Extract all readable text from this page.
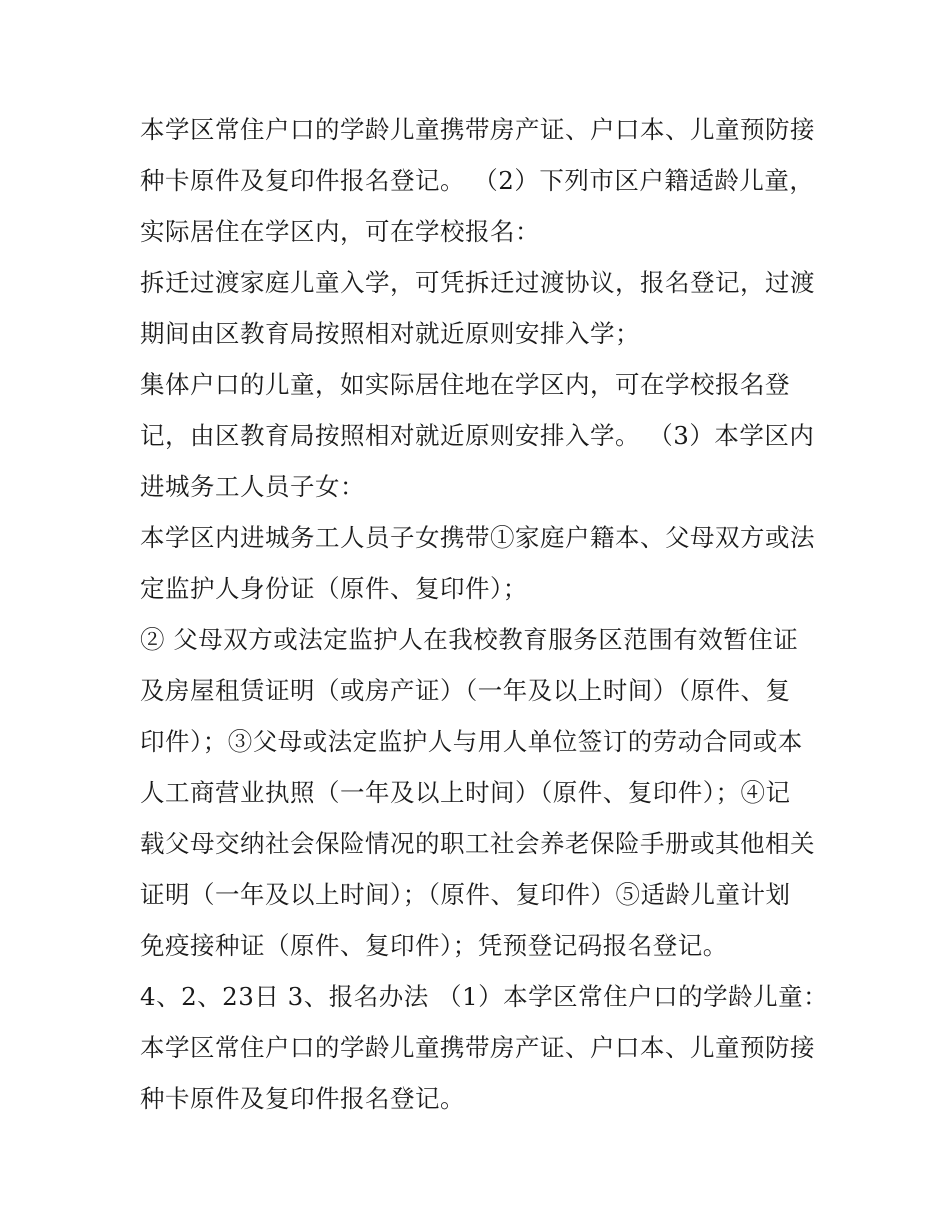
本学区常住户口的学龄儿童携带房产证、户口本、儿童预防接
种卡原件及复印件报名登记。 （2）下列市区户籍适龄儿童，
实际居住在学区内，可在学校报名：
拆迁过渡家庭儿童入学，可凭拆迁过渡协议，报名登记，过渡
期间由区教育局按照相对就近原则安排入学；
集体户口的儿童，如实际居住地在学区内，可在学校报名登
记，由区教育局按照相对就近原则安排入学。 （3）本学区内
进城务工人员子女：
本学区内进城务工人员子女携带①家庭户籍本、父母双方或法
定监护人身份证（原件、复印件）；
② 父母双方或法定监护人在我校教育服务区范围有效暂住证
及房屋租赁证明（或房产证）（一年及以上时间）（原件、复
印件）；③父母或法定监护人与用人单位签订的劳动合同或本
人工商营业执照（一年及以上时间）（原件、复印件）；④记
载父母交纳社会保险情况的职工社会养老保险手册或其他相关
证明（一年及以上时间）；（原件、复印件）⑤适龄儿童计划
免疫接种证（原件、复印件）；凭预登记码报名登记。
4、2、23日 3、报名办法 （1）本学区常住户口的学龄儿童：
本学区常住户口的学龄儿童携带房产证、户口本、儿童预防接
种卡原件及复印件报名登记。
